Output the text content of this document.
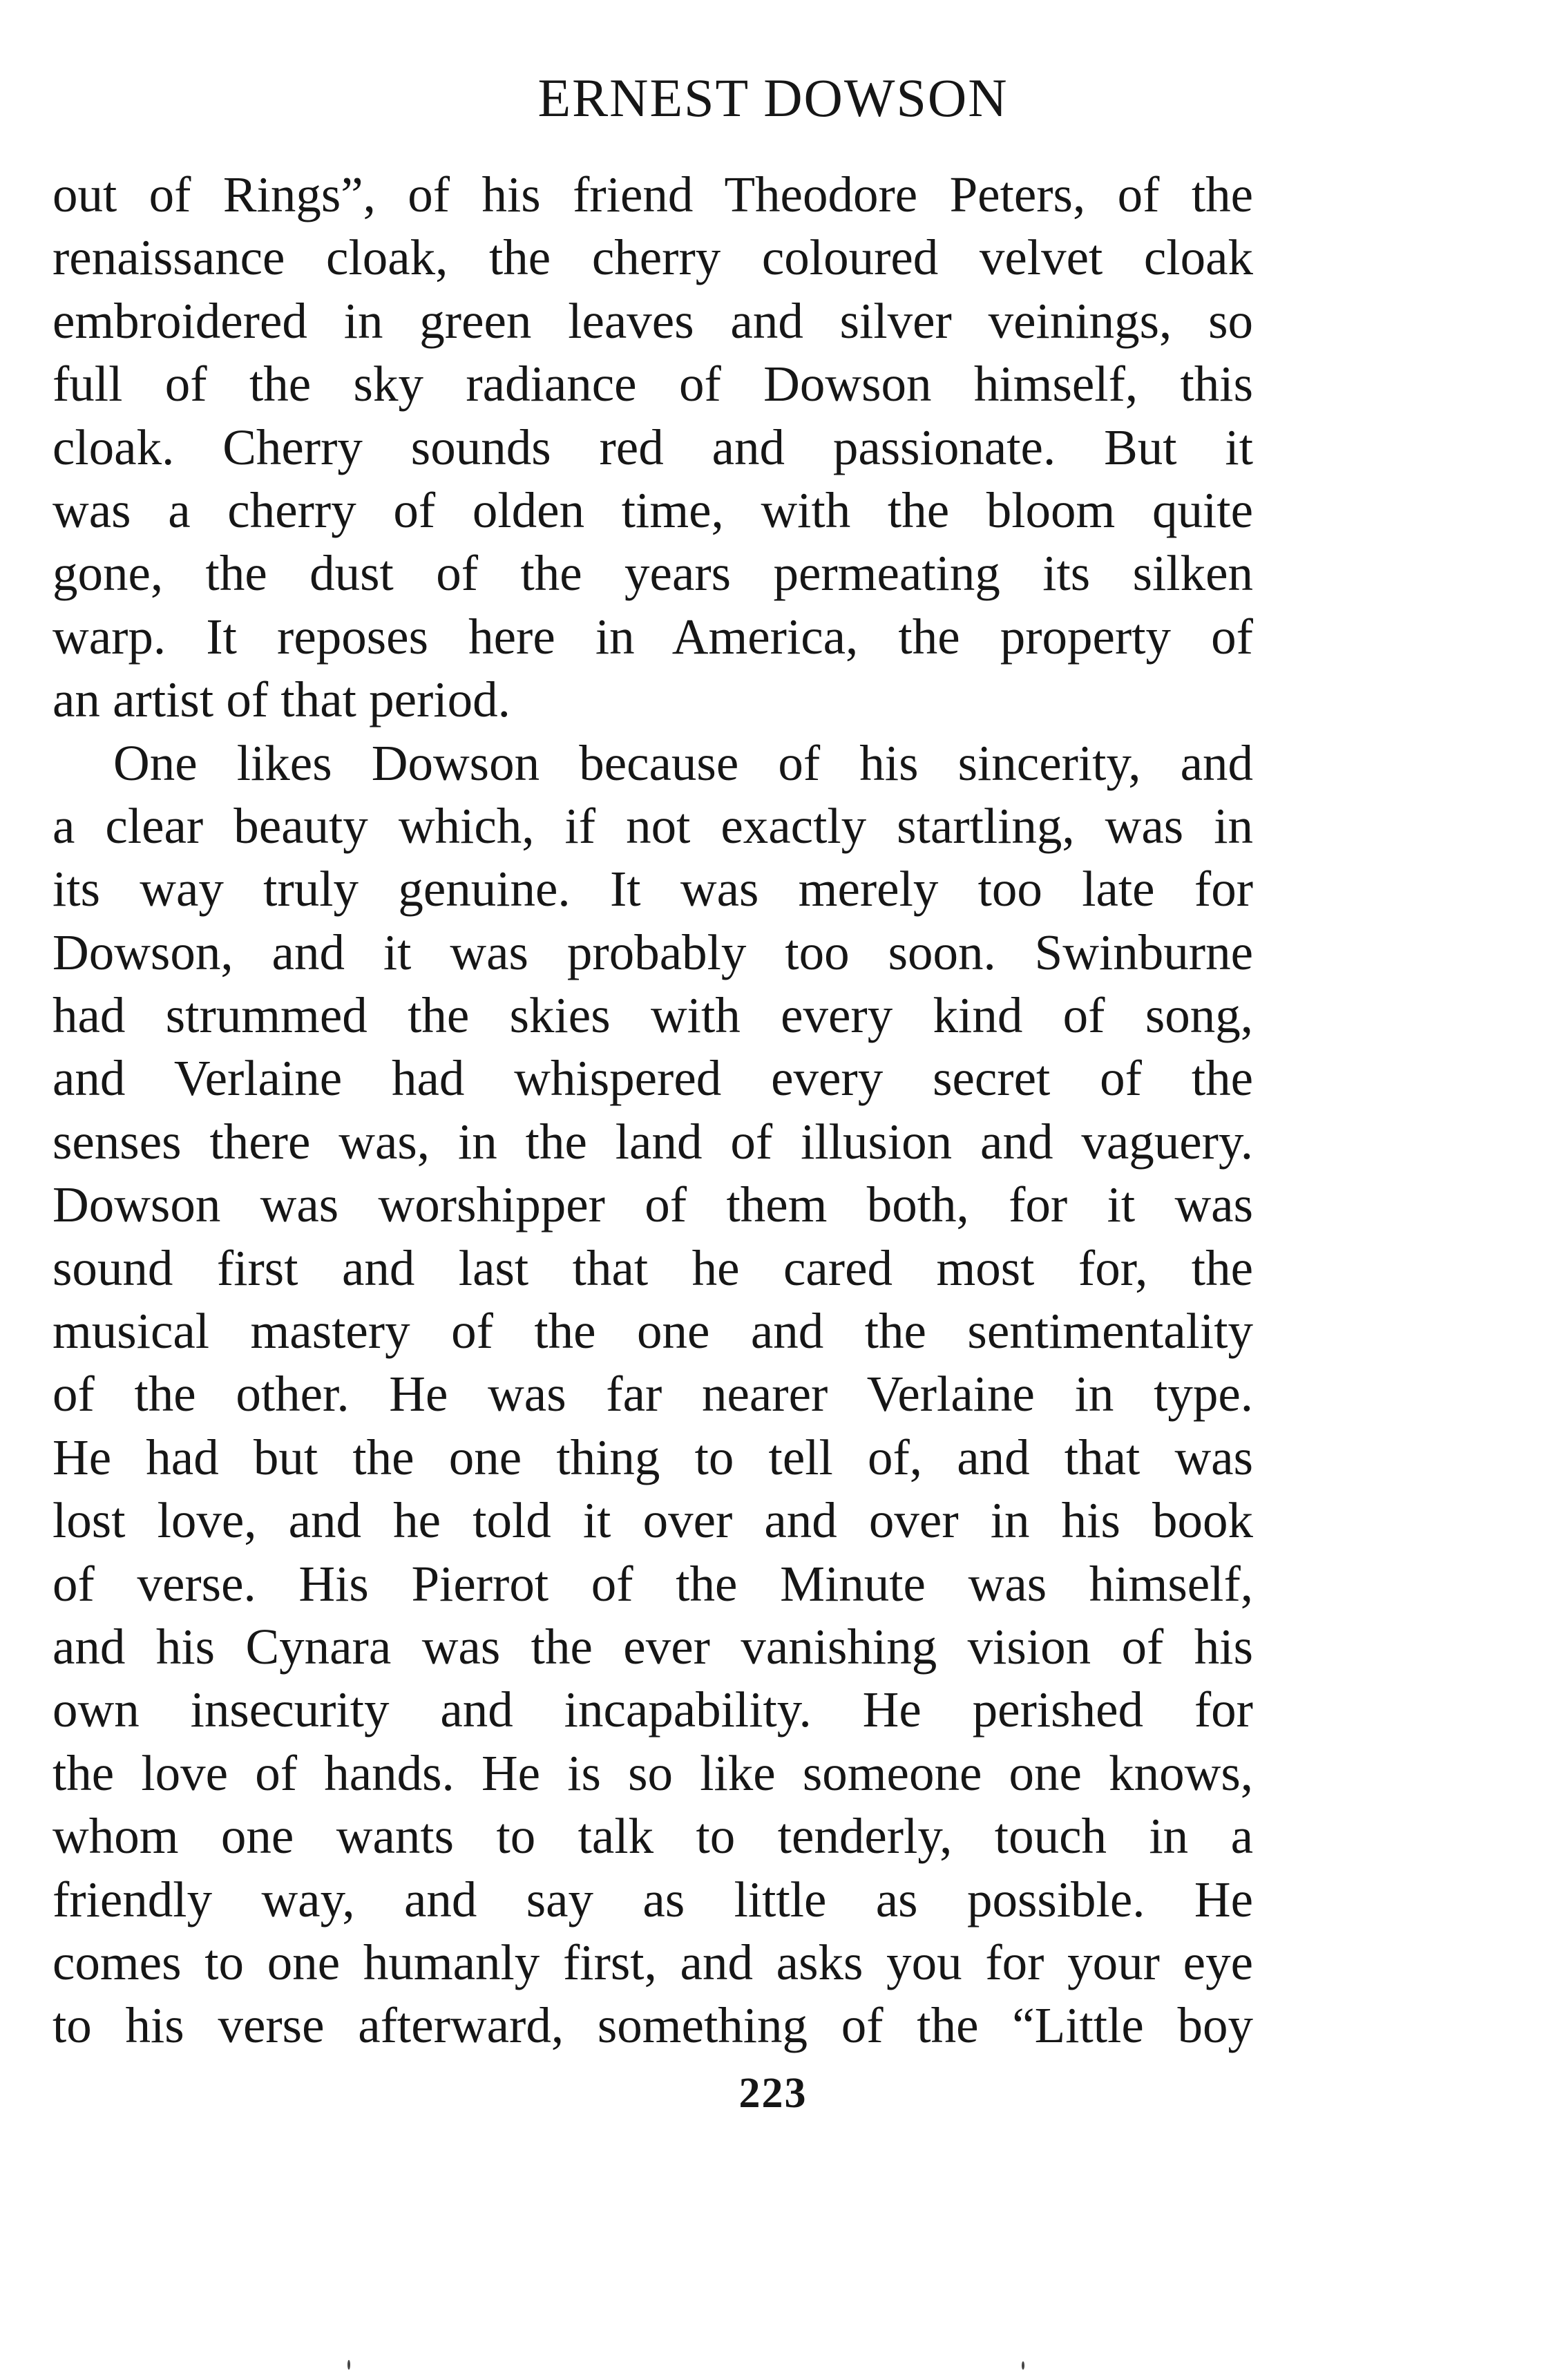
ERNEST DOWSON
out of Rings”, of his friend Theodore Peters, of the
renaissance cloak, the cherry coloured velvet cloak
embroidered in green leaves and silver veinings, so
full of the sky radiance of Dowson himself, this
cloak. Cherry sounds red and passionate. But it
was a cherry of olden time, with the bloom quite
gone, the dust of the years permeating its silken
warp. It reposes here in America, the property of
an artist of that period.
One likes Dowson because of his sincerity, and
a clear beauty which, if not exactly startling, was in
its way truly genuine. It was merely too late for
Dowson, and it was probably too soon. Swinburne
had strummed the skies with every kind of song,
and Verlaine had whispered every secret of the
senses there was, in the land of illusion and vaguery.
Dowson was worshipper of them both, for it was
sound first and last that he cared most for, the
musical mastery of the one and the sentimentality
of the other. He was far nearer Verlaine in type.
He had but the one thing to tell of, and that was
lost love, and he told it over and over in his book
of verse. His Pierrot of the Minute was himself,
and his Cynara was the ever vanishing vision of his
own insecurity and incapability. He perished for
the love of hands. He is so like someone one knows,
whom one wants to talk to tenderly, touch in a
friendly way, and say as little as possible. He
comes to one humanly first, and asks you for your eye
to his verse afterward, something of the “Little boy
223
